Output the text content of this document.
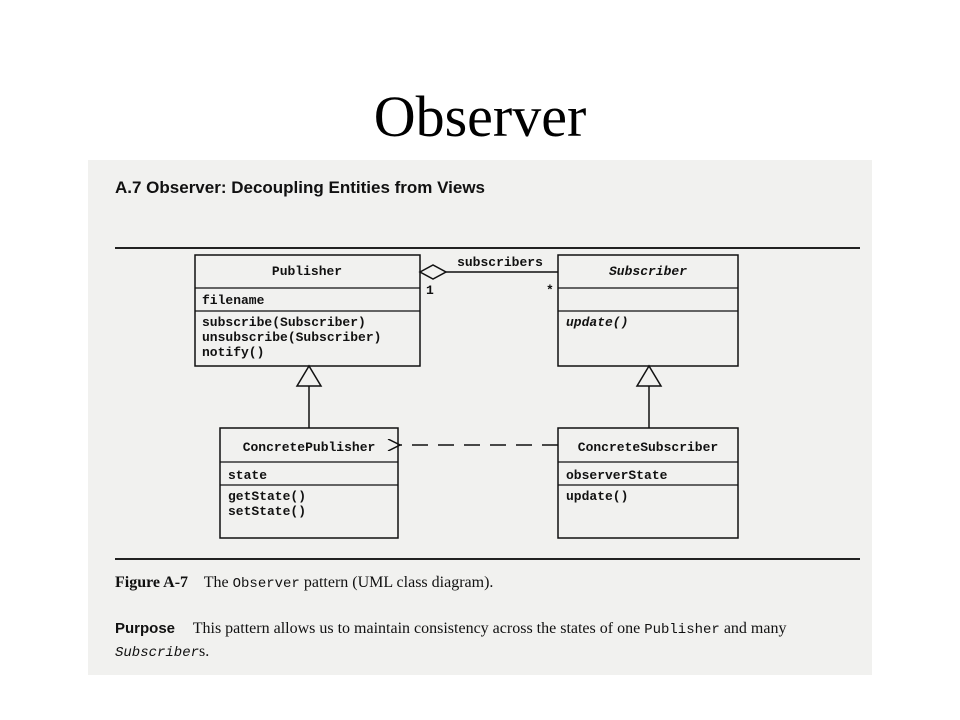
Observer
A.7 Observer: Decoupling Entities from Views
Publisher
filename
subscribe(Subscriber)
unsubscribe(Subscriber)
notify()
Subscriber
update()
subscribers
1	*
ConcretePublisher
state
getState()
setState()
ConcreteSubscriber
observerState
update()

Figure A-7 The Observer pattern (UML class diagram).

Purpose This pattern allows us to maintain consistency across the states of one Publisher and many Subscribers.
